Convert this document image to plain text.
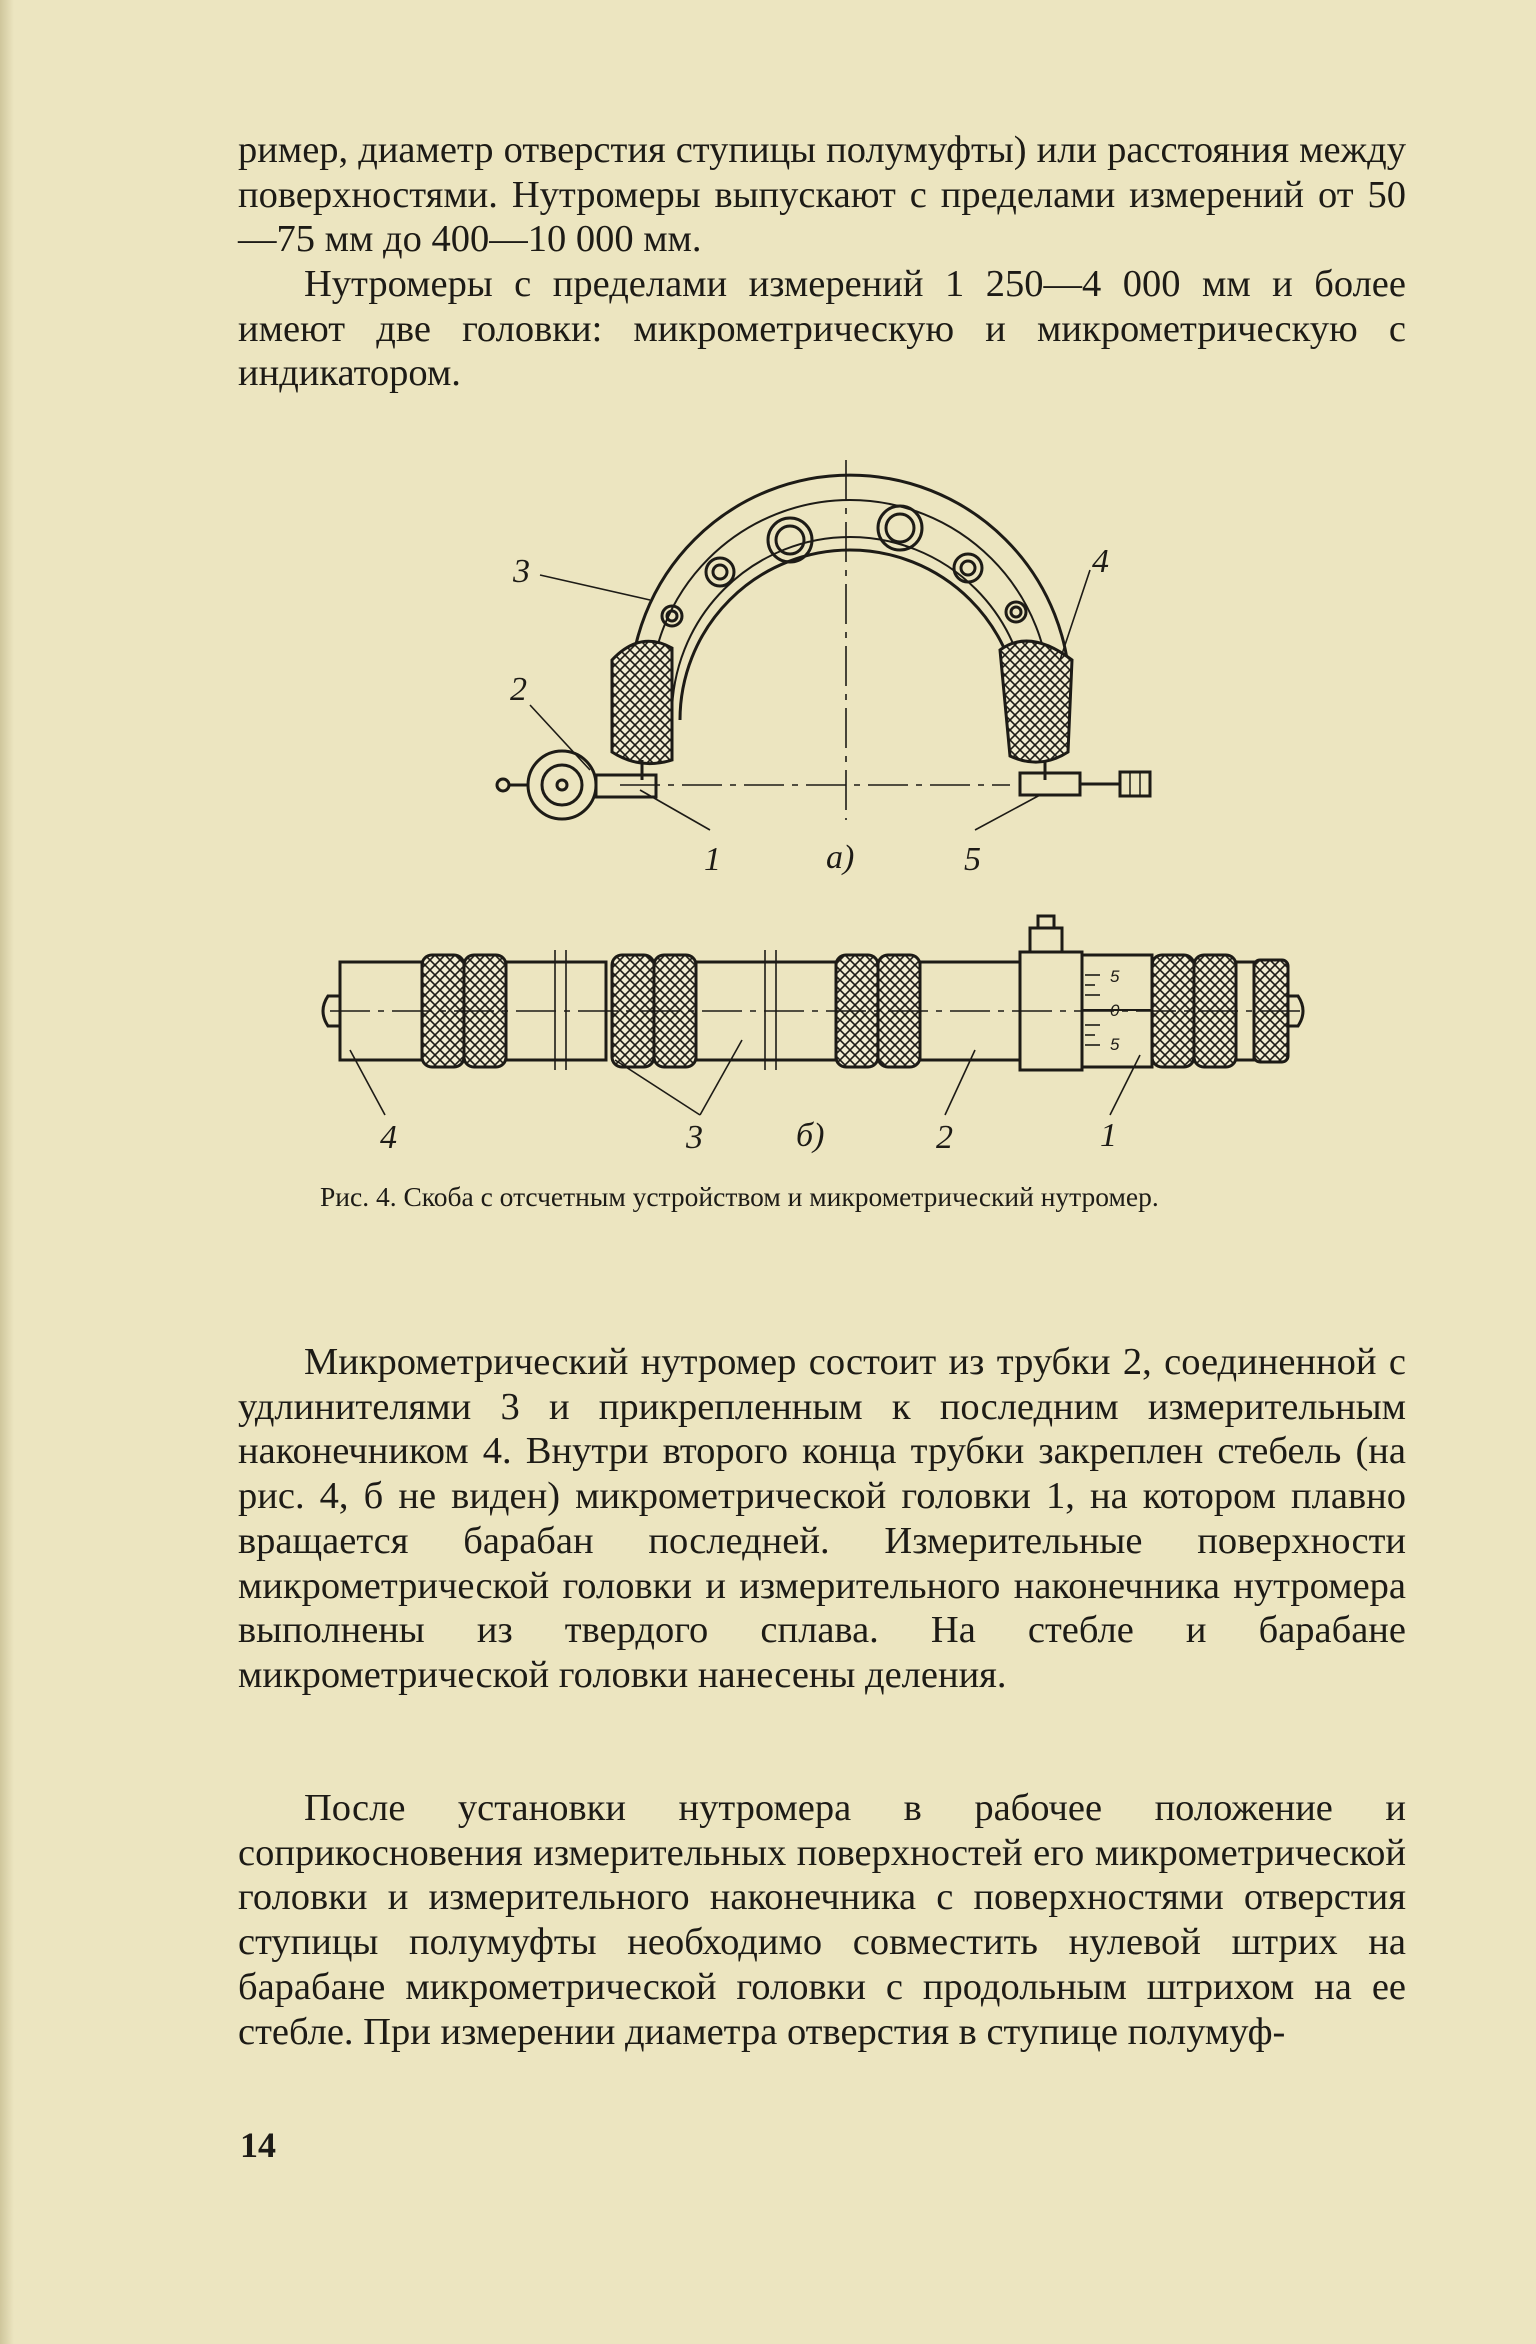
ример, диаметр отверстия ступицы полумуфты) или расстояния между поверхностями. Нутромеры выпускают с пределами измерений от 50—75 мм до 400—10 000 мм.

Нутромеры с пределами измерений 1 250—4 000 мм и более имеют две головки: микрометрическую и микрометрическую с индикатором.

3	4
2
1	5
а)
5
0
5
4	3	б)	2	1

Рис. 4. Скоба с отсчетным устройством и микрометрический нутромер.

Микрометрический нутромер состоит из трубки 2, соединенной с удлинителями 3 и прикрепленным к последним измерительным наконечником 4. Внутри второго конца трубки закреплен стебель (на рис. 4, б не виден) микрометрической головки 1, на котором плавно вращается барабан последней. Измерительные поверхности микрометрической головки и измерительного наконечника нутромера выполнены из твердого сплава. На стебле и барабане микрометрической головки нанесены деления.

После установки нутромера в рабочее положение и соприкосновения измерительных поверхностей его микрометрической головки и измерительного наконечника с поверхностями отверстия ступицы полумуфты необходимо совместить нулевой штрих на барабане микрометрической головки с продольным штрихом на ее стебле. При измерении диаметра отверстия в ступице полумуф-

14
